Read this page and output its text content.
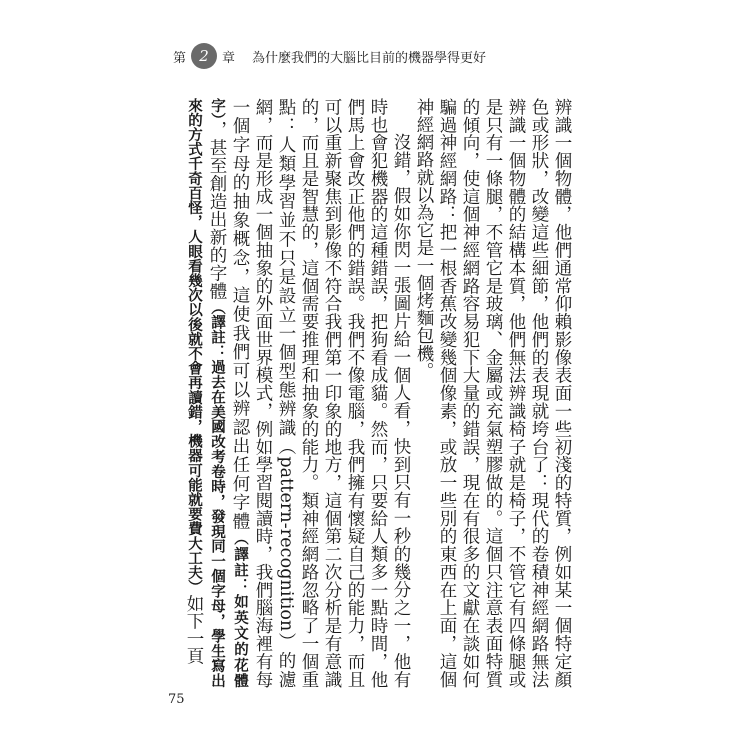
第 2	章 為什麼我們的大腦比目前的機器學得更好

辨識一個物體，他們通常仰賴影像表面一些初淺的特質，例如某一個特定顏色或形狀，改變這些細節，他們的表現就垮台了：現代的卷積神經網路無法辨識一個物體的結構本質，他們無法辨識椅子就是椅子，不管它有四條腿或是只有一條腿，不管它是玻璃、金屬或充氣塑膠做的。這個只注意表面特質的傾向，使這個神經網路容易犯下大量的錯誤，現在有很多的文獻在談如何騙過神經網路：把一根香蕉改變幾個像素，或放一些別的東西在上面，這個神經網路就以為它是一個烤麵包機。

沒錯，假如你閃一張圖片給一個人看，快到只有一秒的幾分之一，他有時也會犯機器的這種錯誤，把狗看成貓。然而，只要給人類多一點時間，他們馬上會改正他們的錯誤。我們不像電腦，我們擁有懷疑自己的能力，而且可以重新聚焦到影像不符合我們第一印象的地方，這個第二次分析是有意識的，而且是智慧的，這個需要推理和抽象的能力。類神經網路忽略了一個重點：人類學習並不只是設立一個型態辨識（pattern-recognition）的濾網，而是形成一個抽象的外面世界模式，例如學習閱讀時，我們腦海裡有每一個字母的抽象概念，這使我們可以辨認出任何字體（譯註：如英文的花體字），甚至創造出新的字體（譯註：過去在美國改考卷時，發現同一個字母，學生寫出來的方式千奇百怪，人眼看幾次以後就不會再讀錯，機器可能就要費大工夫）如下一頁

75
